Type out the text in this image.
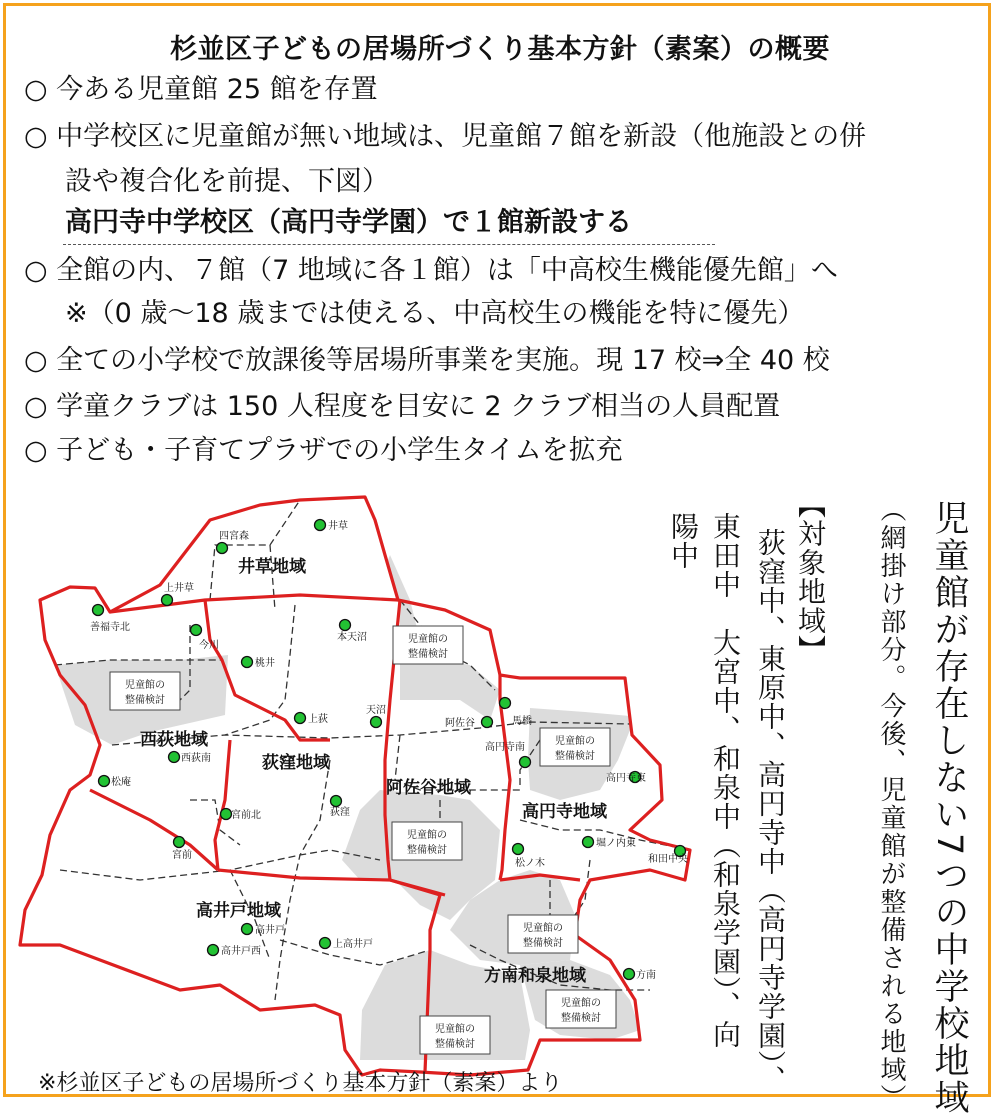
杉並区子どもの居場所づくり基本方針（素案）の概要
○ 今ある児童館 25 館を存置
○ 中学校区に児童館が無い地域は、児童館７館を新設（他施設との併
設や複合化を前提、下図）
高円寺中学校区（高円寺学園）で１館新設する
○ 全館の内、７館（7 地域に各１館）は「中高校生機能優先館」へ
※（0 歳〜18 歳までは使える、中高校生の機能を特に優先）
○ 全ての小学校で放課後等居場所事業を実施。現 17 校⇒全 40 校
○ 学童クラブは 150 人程度を目安に 2 クラブ相当の人員配置
○ 子ども・子育てプラザでの小学生タイムを拡充
井草地域
西荻地域
荻窪地域
阿佐谷地域
高円寺地域
高井戸地域
方南和泉地域
児童館の
整備検討
児童館の
整備検討
児童館の
整備検討
児童館の
整備検討
児童館の
整備検討
児童館の
整備検討
児童館の
整備検討
井草
四宮森
上井草
善福寺北
今川
桃井
本天沼
上荻
天沼
阿佐谷	馬橋
高円寺南
西荻南
松庵
宮前北	荻窪
宮前
高円寺東
堀ノ内東
和田中央
松ノ木
高井戸
高井戸西
上高井戸
方南	児童館が存在しない7つの中学校地域
（網掛け部分。今後、児童館が整備される地域）
【対象地域】
荻窪中、東原中、高円寺中（高円寺学園）、
東田中　大宮中、和泉中（和泉学園）、向
陽中
※杉並区子どもの居場所づくり基本方針（素案）より
